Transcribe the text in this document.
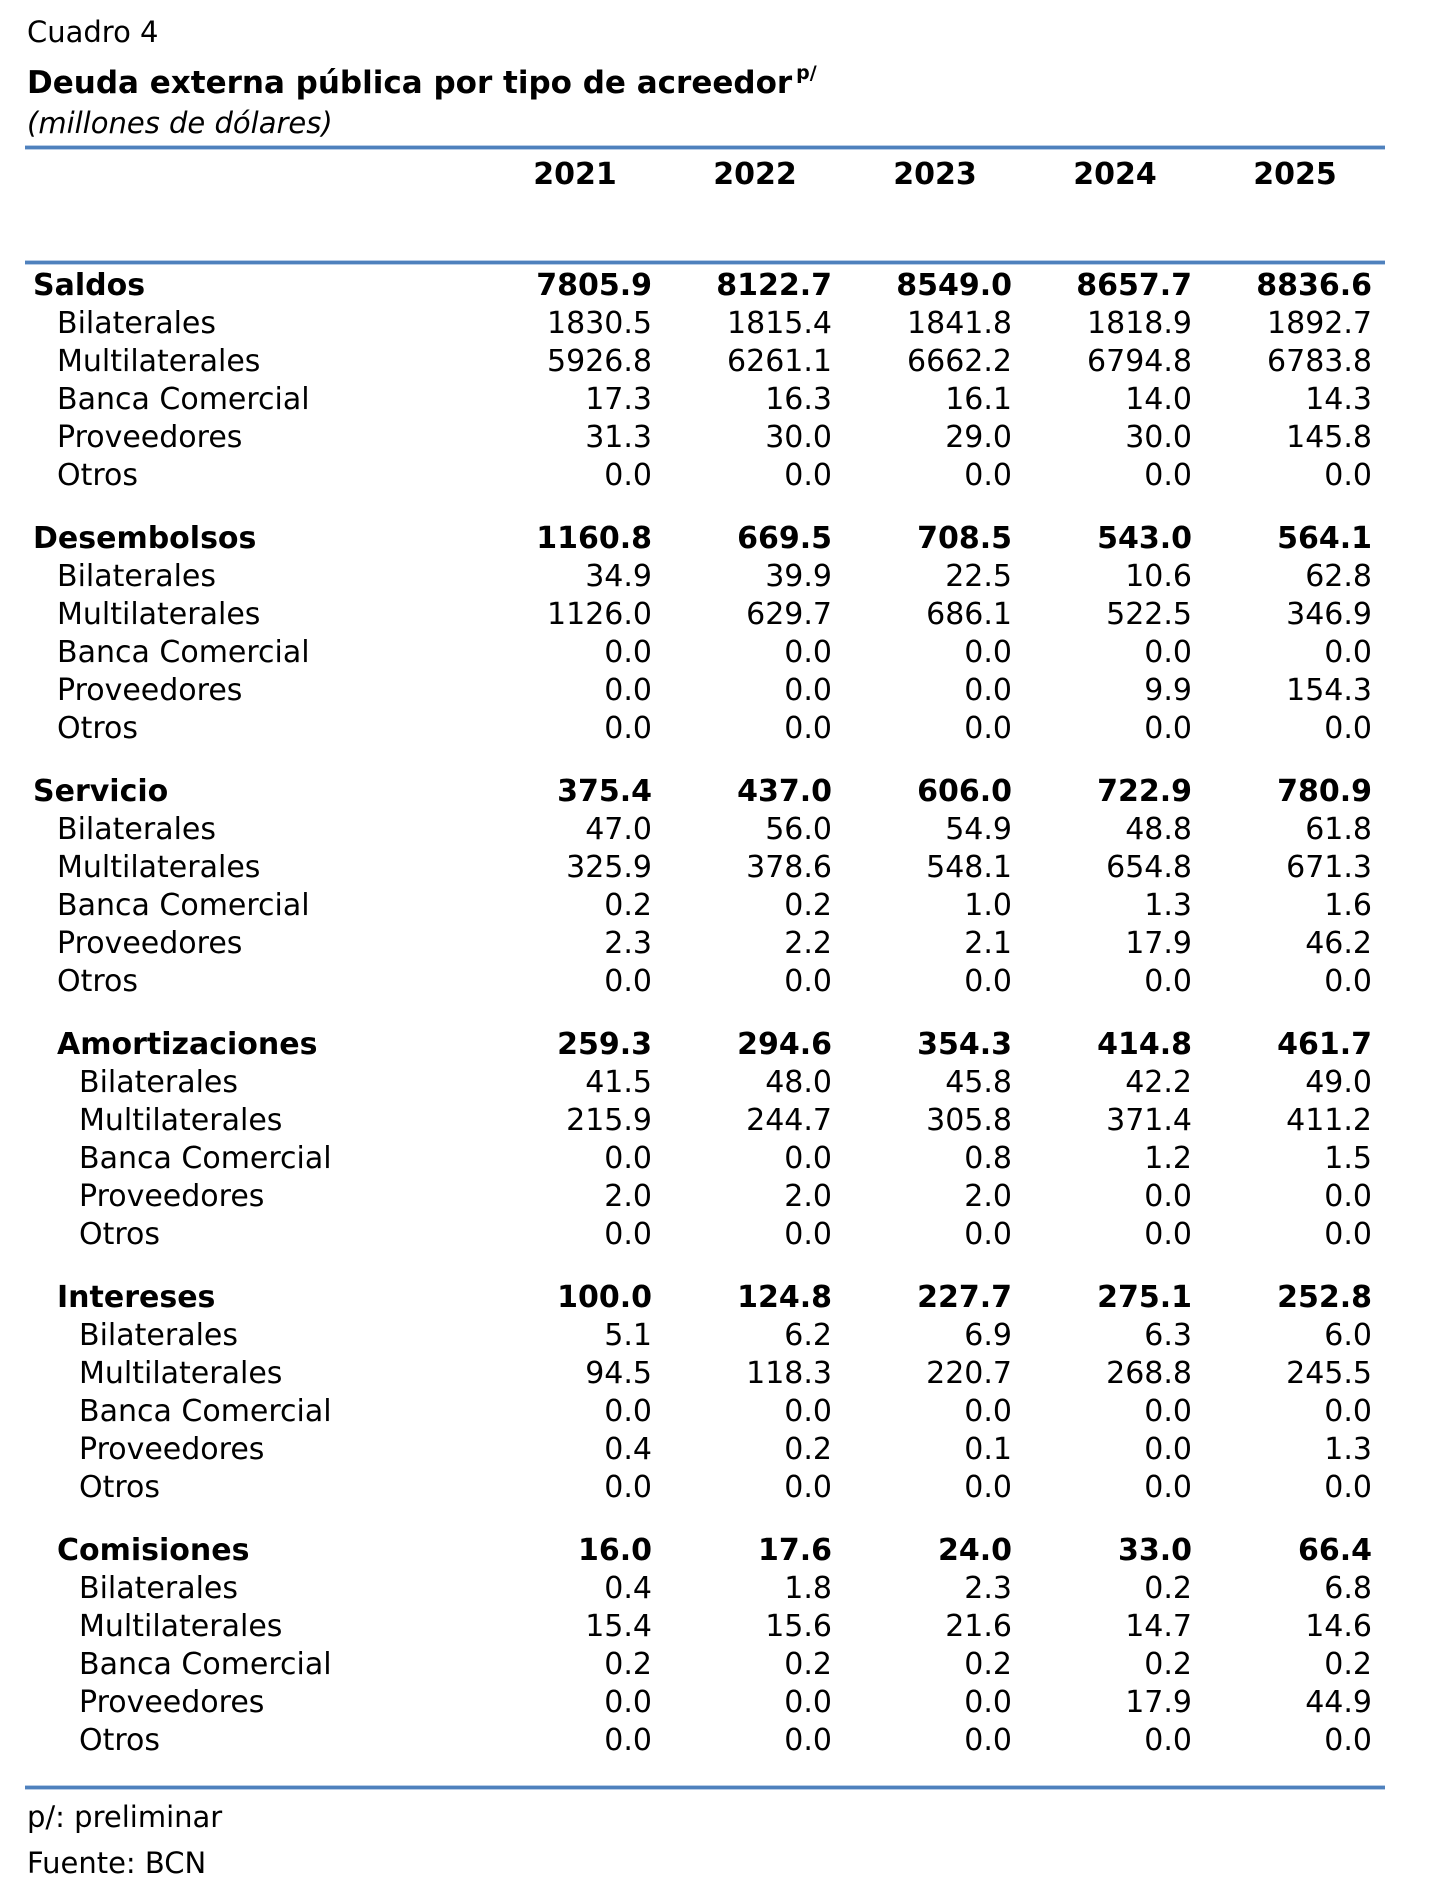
Cuadro 4
Deuda externa pública por tipo de acreedor $^{p/}$
(millones de dólares)
2021	2022	2023	2024	2025
Saldos	7805.9	8122.7	8549.0	8657.7	8836.6
Bilaterales	1830.5	1815.4	1841.8	1818.9	1892.7
Multilaterales	5926.8	6261.1	6662.2	6794.8	6783.8
Banca Comercial	17.3	16.3	16.1	14.0	14.3
Proveedores	31.3	30.0	29.0	30.0	145.8
Otros	0.0	0.0	0.0	0.0	0.0
Desembolsos	1160.8	669.5	708.5	543.0	564.1
Bilaterales	34.9	39.9	22.5	10.6	62.8
Multilaterales	1126.0	629.7	686.1	522.5	346.9
Banca Comercial	0.0	0.0	0.0	0.0	0.0
Proveedores	0.0	0.0	0.0	9.9	154.3
Otros	0.0	0.0	0.0	0.0	0.0
Servicio	375.4	437.0	606.0	722.9	780.9
Bilaterales	47.0	56.0	54.9	48.8	61.8
Multilaterales	325.9	378.6	548.1	654.8	671.3
Banca Comercial	0.2	0.2	1.0	1.3	1.6
Proveedores	2.3	2.2	2.1	17.9	46.2
Otros	0.0	0.0	0.0	0.0	0.0
Amortizaciones	259.3	294.6	354.3	414.8	461.7
Bilaterales	41.5	48.0	45.8	42.2	49.0
Multilaterales	215.9	244.7	305.8	371.4	411.2
Banca Comercial	0.0	0.0	0.8	1.2	1.5
Proveedores	2.0	2.0	2.0	0.0	0.0
Otros	0.0	0.0	0.0	0.0	0.0
Intereses	100.0	124.8	227.7	275.1	252.8
Bilaterales	5.1	6.2	6.9	6.3	6.0
Multilaterales	94.5	118.3	220.7	268.8	245.5
Banca Comercial	0.0	0.0	0.0	0.0	0.0
Proveedores	0.4	0.2	0.1	0.0	1.3
Otros	0.0	0.0	0.0	0.0	0.0
Comisiones	16.0	17.6	24.0	33.0	66.4
Bilaterales	0.4	1.8	2.3	0.2	6.8
Multilaterales	15.4	15.6	21.6	14.7	14.6
Banca Comercial	0.2	0.2	0.2	0.2	0.2
Proveedores	0.0	0.0	0.0	17.9	44.9
Otros	0.0	0.0	0.0	0.0	0.0
p/: preliminar
Fuente: BCN
